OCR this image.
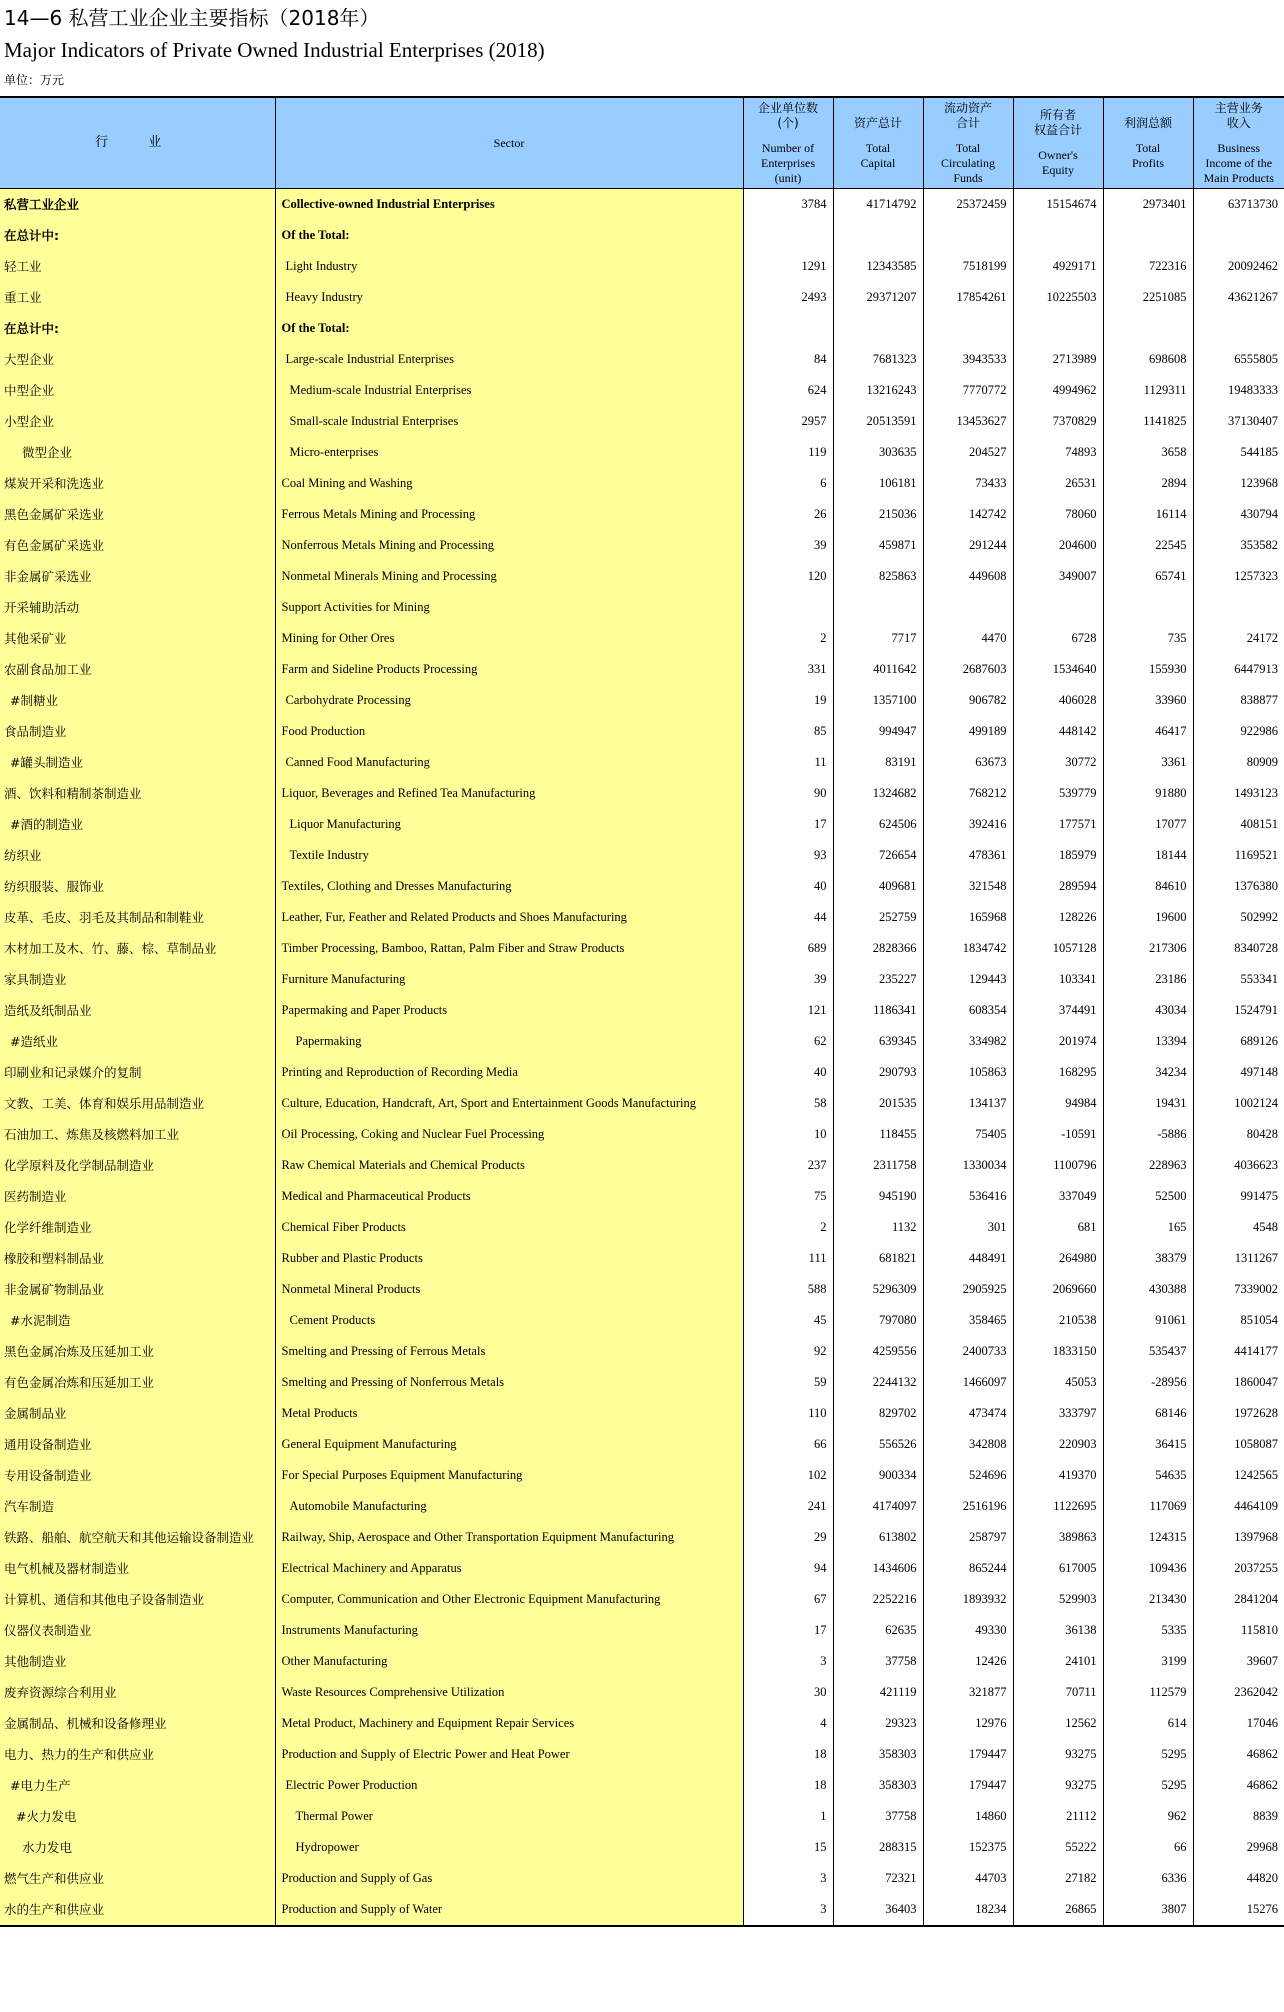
14—6 私营工业企业主要指标（2018年）
Major Indicators of Private Owned Industrial Enterprises (2018)
单位：万元
行 业	Sector	企业单位数
(个)
Number of
Enterprises
(unit)	资产总计
Total
Capital	流动资产
合计
Total
Circulating
Funds	所有者
权益合计
Owner's
Equity	利润总额
Total
Profits	主营业务
收入
Business
Income of the
Main Products

私营工业企业	Collective-owned Industrial Enterprises	3784	41714792	25372459	15154674	2973401	63713730
在总计中:	Of the Total:						
轻工业	Light Industry	1291	12343585	7518199	4929171	722316	20092462
重工业	Heavy Industry	2493	29371207	17854261	10225503	2251085	43621267
在总计中:	Of the Total:						
大型企业	Large-scale Industrial Enterprises	84	7681323	3943533	2713989	698608	6555805
中型企业	Medium-scale Industrial Enterprises	624	13216243	7770772	4994962	1129311	19483333
小型企业	Small-scale Industrial Enterprises	2957	20513591	13453627	7370829	1141825	37130407
微型企业	Micro-enterprises	119	303635	204527	74893	3658	544185
煤炭开采和洗选业	Coal Mining and Washing	6	106181	73433	26531	2894	123968
黑色金属矿采选业	Ferrous Metals Mining and Processing	26	215036	142742	78060	16114	430794
有色金属矿采选业	Nonferrous Metals Mining and Processing	39	459871	291244	204600	22545	353582
非金属矿采选业	Nonmetal Minerals Mining and Processing	120	825863	449608	349007	65741	1257323
开采辅助活动	Support Activities for Mining						
其他采矿业	Mining for Other Ores	2	7717	4470	6728	735	24172
农副食品加工业	Farm and Sideline Products Processing	331	4011642	2687603	1534640	155930	6447913
#制糖业	Carbohydrate Processing	19	1357100	906782	406028	33960	838877
食品制造业	Food Production	85	994947	499189	448142	46417	922986
#罐头制造业	Canned Food Manufacturing	11	83191	63673	30772	3361	80909
酒、饮料和精制茶制造业	Liquor, Beverages and Refined Tea Manufacturing	90	1324682	768212	539779	91880	1493123
#酒的制造业	Liquor Manufacturing	17	624506	392416	177571	17077	408151
纺织业	Textile Industry	93	726654	478361	185979	18144	1169521
纺织服装、服饰业	Textiles, Clothing and Dresses Manufacturing	40	409681	321548	289594	84610	1376380
皮革、毛皮、羽毛及其制品和制鞋业	Leather, Fur, Feather and Related Products and Shoes Manufacturing	44	252759	165968	128226	19600	502992
木材加工及木、竹、藤、棕、草制品业	Timber Processing, Bamboo, Rattan, Palm Fiber and Straw Products	689	2828366	1834742	1057128	217306	8340728
家具制造业	Furniture Manufacturing	39	235227	129443	103341	23186	553341
造纸及纸制品业	Papermaking and Paper Products	121	1186341	608354	374491	43034	1524791
#造纸业	Papermaking	62	639345	334982	201974	13394	689126
印刷业和记录媒介的复制	Printing and Reproduction of Recording Media	40	290793	105863	168295	34234	497148
文教、工美、体育和娱乐用品制造业	Culture, Education, Handcraft, Art, Sport and Entertainment Goods Manufacturing	58	201535	134137	94984	19431	1002124
石油加工、炼焦及核燃料加工业	Oil Processing, Coking and Nuclear Fuel Processing	10	118455	75405	-10591	-5886	80428
化学原料及化学制品制造业	Raw Chemical Materials and Chemical Products	237	2311758	1330034	1100796	228963	4036623
医药制造业	Medical and Pharmaceutical Products	75	945190	536416	337049	52500	991475
化学纤维制造业	Chemical Fiber Products	2	1132	301	681	165	4548
橡胶和塑料制品业	Rubber and Plastic Products	111	681821	448491	264980	38379	1311267
非金属矿物制品业	Nonmetal Mineral Products	588	5296309	2905925	2069660	430388	7339002
#水泥制造	Cement Products	45	797080	358465	210538	91061	851054
黑色金属冶炼及压延加工业	Smelting and Pressing of Ferrous Metals	92	4259556	2400733	1833150	535437	4414177
有色金属冶炼和压延加工业	Smelting and Pressing of Nonferrous Metals	59	2244132	1466097	45053	-28956	1860047
金属制品业	Metal Products	110	829702	473474	333797	68146	1972628
通用设备制造业	General Equipment Manufacturing	66	556526	342808	220903	36415	1058087
专用设备制造业	For Special Purposes Equipment Manufacturing	102	900334	524696	419370	54635	1242565
汽车制造	Automobile Manufacturing	241	4174097	2516196	1122695	117069	4464109
铁路、船舶、航空航天和其他运输设备制造业	Railway, Ship, Aerospace and Other Transportation Equipment Manufacturing	29	613802	258797	389863	124315	1397968
电气机械及器材制造业	Electrical Machinery and Apparatus	94	1434606	865244	617005	109436	2037255
计算机、通信和其他电子设备制造业	Computer, Communication and Other Electronic Equipment Manufacturing	67	2252216	1893932	529903	213430	2841204
仪器仪表制造业	Instruments Manufacturing	17	62635	49330	36138	5335	115810
其他制造业	Other Manufacturing	3	37758	12426	24101	3199	39607
废弃资源综合利用业	Waste Resources Comprehensive Utilization	30	421119	321877	70711	112579	2362042
金属制品、机械和设备修理业	Metal Product, Machinery and Equipment Repair Services	4	29323	12976	12562	614	17046
电力、热力的生产和供应业	Production and Supply of Electric Power and Heat Power	18	358303	179447	93275	5295	46862
#电力生产	Electric Power Production	18	358303	179447	93275	5295	46862
#火力发电	Thermal Power	1	37758	14860	21112	962	8839
水力发电	Hydropower	15	288315	152375	55222	66	29968
燃气生产和供应业	Production and Supply of Gas	3	72321	44703	27182	6336	44820
水的生产和供应业	Production and Supply of Water	3	36403	18234	26865	3807	15276
